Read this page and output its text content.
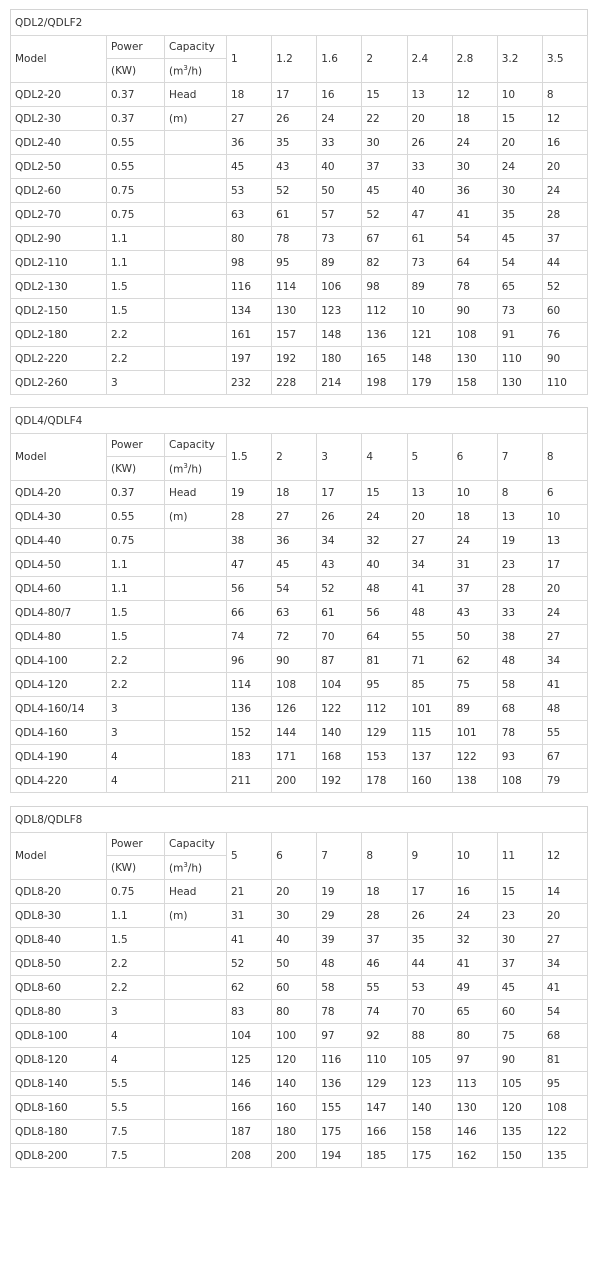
QDL2/QDLF2
Model	Power	Capacity	1	1.2	1.6	2	2.4	2.8	3.2	3.5
	(KW)	$(m^3/h)$								
QDL2-20	0.37	Head	18	17	16	15	13	12	10	8
QDL2-30	0.37	(m)	27	26	24	22	20	18	15	12
QDL2-40	0.55		36	35	33	30	26	24	20	16
QDL2-50	0.55		45	43	40	37	33	30	24	20
QDL2-60	0.75		53	52	50	45	40	36	30	24
QDL2-70	0.75		63	61	57	52	47	41	35	28
QDL2-90	1.1		80	78	73	67	61	54	45	37
QDL2-110	1.1		98	95	89	82	73	64	54	44
QDL2-130	1.5		116	114	106	98	89	78	65	52
QDL2-150	1.5		134	130	123	112	10	90	73	60
QDL2-180	2.2		161	157	148	136	121	108	91	76
QDL2-220	2.2		197	192	180	165	148	130	110	90
QDL2-260	3		232	228	214	198	179	158	130	110
QDL4/QDLF4
Model	Power	Capacity	1.5	2	3	4	5	6	7	8
	(KW)	$(m^3/h)$								
QDL4-20	0.37	Head	19	18	17	15	13	10	8	6
QDL4-30	0.55	(m)	28	27	26	24	20	18	13	10
QDL4-40	0.75		38	36	34	32	27	24	19	13
QDL4-50	1.1		47	45	43	40	34	31	23	17
QDL4-60	1.1		56	54	52	48	41	37	28	20
QDL4-80/7	1.5		66	63	61	56	48	43	33	24
QDL4-80	1.5		74	72	70	64	55	50	38	27
QDL4-100	2.2		96	90	87	81	71	62	48	34
QDL4-120	2.2		114	108	104	95	85	75	58	41
QDL4-160/14	3		136	126	122	112	101	89	68	48
QDL4-160	3		152	144	140	129	115	101	78	55
QDL4-190	4		183	171	168	153	137	122	93	67
QDL4-220	4		211	200	192	178	160	138	108	79
QDL8/QDLF8
Model	Power	Capacity	5	6	7	8	9	10	11	12
	(KW)	$(m^3/h)$								
QDL8-20	0.75	Head	21	20	19	18	17	16	15	14
QDL8-30	1.1	(m)	31	30	29	28	26	24	23	20
QDL8-40	1.5		41	40	39	37	35	32	30	27
QDL8-50	2.2		52	50	48	46	44	41	37	34
QDL8-60	2.2		62	60	58	55	53	49	45	41
QDL8-80	3		83	80	78	74	70	65	60	54
QDL8-100	4		104	100	97	92	88	80	75	68
QDL8-120	4		125	120	116	110	105	97	90	81
QDL8-140	5.5		146	140	136	129	123	113	105	95
QDL8-160	5.5		166	160	155	147	140	130	120	108
QDL8-180	7.5		187	180	175	166	158	146	135	122
QDL8-200	7.5		208	200	194	185	175	162	150	135
